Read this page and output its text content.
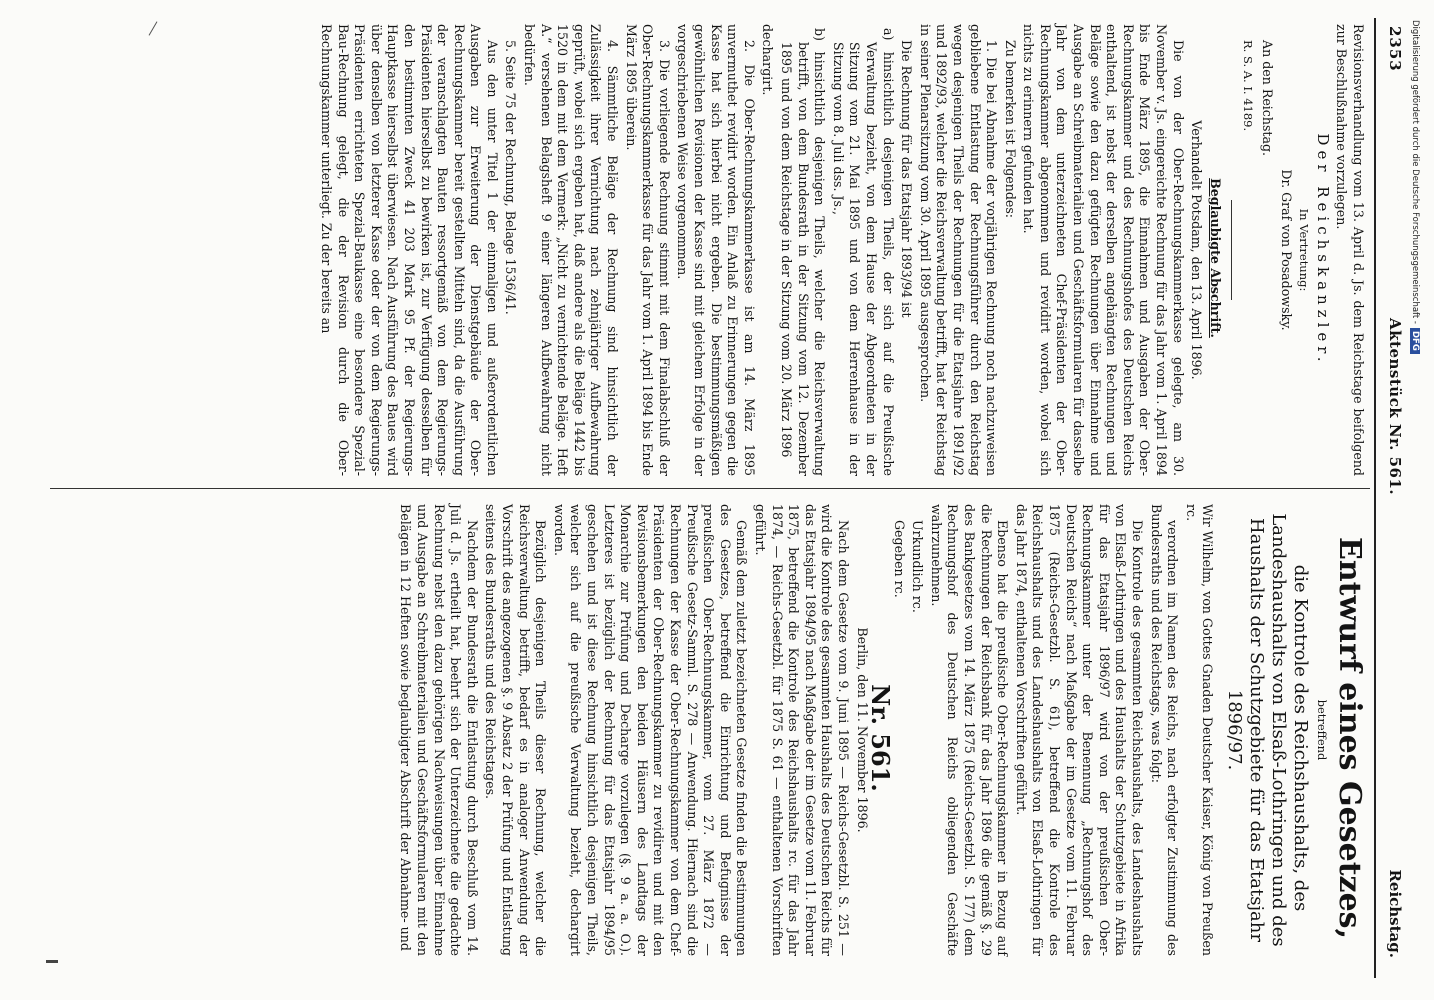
2353
Aktenstück Nr. 561.
Reichstag.

Revisionsverhandlung vom 13. April d. Js. dem Reichstage beifolgend zur Beschlußnahme vorzulegen.

Der Reichskanzler.

In Vertretung:

Dr. Graf von Posadowsky.

An den Reichstag.

R. S. A. I. 4189.

Beglaubigte Abschrift.

Verhandelt Potsdam, den 13. April 1896.

Die von der Ober-Rechnungskammerkasse gelegte, am 30. November v. Js. eingereichte Rechnung für das Jahr vom 1. April 1894 bis Ende März 1895, die Einnahmen und Ausgaben der Ober-Rechnungskammer und des Rechnungshofes des Deutschen Reichs enthaltend, ist nebst der derselben angehängten Rechnungen und Beläge sowie den dazu gefügten Rechnungen über Einnahme und Ausgabe an Schreibmaterialien und Geschäftsformularen für dasselbe Jahr von dem unterzeichneten Chef-Präsidenten der Ober-Rechnungskammer abgenommen und revidirt worden, wobei sich nichts zu erinnern gefunden hat.

Zu bemerken ist Folgendes:

1. Die bei Abnahme der vorjährigen Rechnung noch nachzuweisen gebliebene Entlastung der Rechnungsführer durch den Reichstag wegen desjenigen Theils der Rechnungen für die Etatsjahre 1891/92 und 1892/93, welcher die Reichsverwaltung betrifft, hat der Reichstag in seiner Plenarsitzung vom 30. April 1895 ausgesprochen.

Die Rechnung für das Etatsjahr 1893/94 ist

a) hinsichtlich desjenigen Theils, der sich auf die Preußische Verwaltung bezieht, von dem Hause der Abgeordneten in der Sitzung vom 21. Mai 1895 und von dem Herrenhause in der Sitzung vom 8. Juli dss. Js.,

b) hinsichtlich desjenigen Theils, welcher die Reichsverwaltung betrifft, von dem Bundesrath in der Sitzung vom 12. Dezember 1895 und von dem Reichstage in der Sitzung vom 20. März 1896

dechargirt.

2. Die Ober-Rechnungskammerkasse ist am 14. März 1895 unvermuthet revidirt worden. Ein Anlaß zu Erinnerungen gegen die Kasse hat sich hierbei nicht ergeben. Die bestimmungsmäßigen gewöhnlichen Revisionen der Kasse sind mit gleichem Erfolge in der vorgeschriebenen Weise vorgenommen.

3. Die vorliegende Rechnung stimmt mit dem Finalabschluß der Ober-Rechnungskammerkasse für das Jahr vom 1. April 1894 bis Ende März 1895 überein.

4. Sämmtliche Beläge der Rechnung sind hinsichtlich der Zulässigkeit ihrer Vernichtung nach zehnjähriger Aufbewahrung geprüft, wobei sich ergeben hat, daß andere als die Beläge 1442 bis 1520 in dem mit dem Vermerk: „Nicht zu vernichtende Beläge. Heft A.“ versehenen Belagsheft 9 einer längeren Aufbewahrung nicht bedürfen.

5. Seite 75 der Rechnung, Belage 1536/41.

Aus den unter Titel 1 der einmaligen und außerordentlichen Ausgaben zur Erweiterung der Dienstgebäude der Ober-Rechnungskammer bereit gestellten Mitteln sind, da die Ausführung der veranschlagten Bauten ressortgemäß von dem Regierungs-Präsidenten hierselbst zu bewirken ist, zur Verfügung desselben für den bestimmten Zweck 41 203 Mark 95 Pf. der Regierungs-Hauptkasse hierselbst überwiesen. Nach Ausführung des Baues wird über denselben von letzterer Kasse oder der von dem Regierungs-Präsidenten errichteten Spezial-Baukasse eine besondere Spezial-Bau-Rechnung gelegt, die der Revision durch die Ober-Rechnungskammer unterliegt. Zu der bereits an

Entwurf eines Gesetzes,

betreffend

die Kontrole des Reichshaushalts, des Landeshaushalts von Elsaß-Lothringen und des Haushalts der Schutzgebiete für das Etatsjahr 1896/97.

Wir Wilhelm, von Gottes Gnaden Deutscher Kaiser, König von Preußen rc.

verordnen im Namen des Reichs, nach erfolgter Zustimmung des Bundesraths und des Reichstags, was folgt:

Die Kontrole des gesammten Reichshaushalts, des Landeshaushalts von Elsaß-Lothringen und des Haushalts der Schutzgebiete in Afrika für das Etatsjahr 1896/97 wird von der preußischen Ober-Rechnungskammer unter der Benennung „Rechnungshof des Deutschen Reichs“ nach Maßgabe der im Gesetze vom 11. Februar 1875 (Reichs-Gesetzbl. S. 61), betreffend die Kontrole des Reichshaushalts und des Landeshaushalts von Elsaß-Lothringen für das Jahr 1874, enthaltenen Vorschriften geführt.

Ebenso hat die preußische Ober-Rechnungskammer in Bezug auf die Rechnungen der Reichsbank für das Jahr 1896 die gemäß §. 29 des Bankgesetzes vom 14. März 1875 (Reichs-Gesetzbl. S. 177) dem Rechnungshof des Deutschen Reichs obliegenden Geschäfte wahrzunehmen.

Urkundlich rc.

Gegeben rc.

Nr. 561.

Berlin, den 11. November 1896.

Nach dem Gesetze vom 9. Juni 1895 — Reichs-Gesetzbl. S. 251 — wird die Kontrole des gesammten Haushalts des Deutschen Reichs für das Etatsjahr 1894/95 nach Maßgabe der im Gesetze vom 11. Februar 1875, betreffend die Kontrole des Reichshaushalts rc. für das Jahr 1874, — Reichs-Gesetzbl. für 1875 S. 61 — enthaltenen Vorschriften geführt.

Gemäß dem zuletzt bezeichneten Gesetze finden die Bestimmungen des Gesetzes, betreffend die Einrichtung und Befugnisse der preußischen Ober-Rechnungskammer, vom 27. März 1872 — Preußische Gesetz-Samml. S. 278 — Anwendung. Hiernach sind die Rechnungen der Kasse der Ober-Rechnungskammer von dem Chef-Präsidenten der Ober-Rechnungskammer zu revidiren und mit den Revisionsbemerkungen den beiden Häusern des Landtags der Monarchie zur Prüfung und Decharge vorzulegen (§. 9 a. a. O.). Letzteres ist bezüglich der Rechnung für das Etatsjahr 1894/95 geschehen und ist diese Rechnung hinsichtlich desjenigen Theils, welcher sich auf die preußische Verwaltung bezieht, dechargirt worden.

Bezüglich desjenigen Theils dieser Rechnung, welcher die Reichsverwaltung betrifft, bedarf es in analoger Anwendung der Vorschrift des angezogenen §. 9 Absatz 2 der Prüfung und Entlastung seitens des Bundesraths und des Reichstages.

Nachdem der Bundesrath die Entlastung durch Beschluß vom 14. Juli d. Js. ertheilt hat, beehrt sich der Unterzeichnete die gedachte Rechnung nebst den dazu gehörigen Nachweisungen über Einnahme und Ausgabe an Schreibmaterialien und Geschäftsformularen mit den Belägen in 12 Heften sowie beglaubigter Abschrift der Abnahme- und

Digitalisierung gefördert durch die Deutsche Forschungsgemeinschaft -DFG
